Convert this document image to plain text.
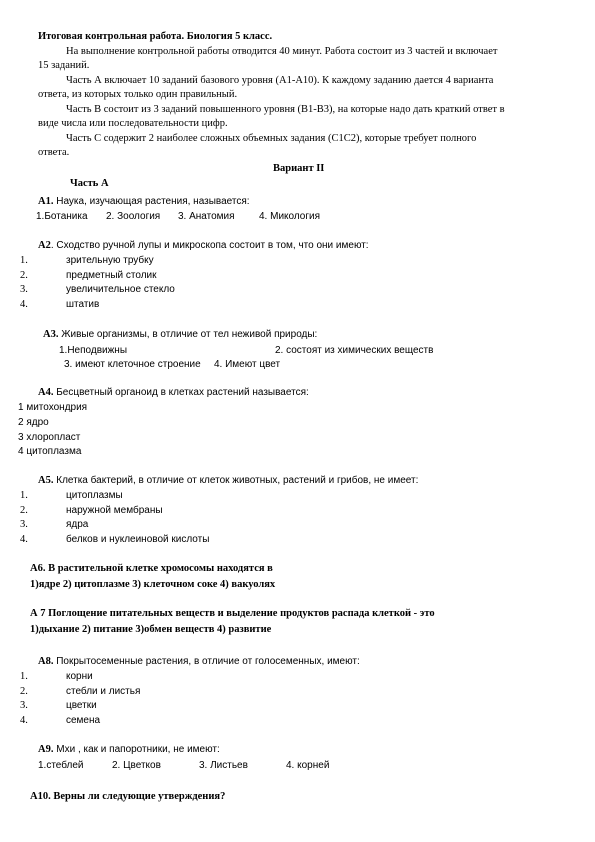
Итоговая контрольная работа. Биология 5 класс.
На выполнение контрольной работы отводится 40 минут. Работа состоит из 3 частей и включает
15 заданий.
Часть А включает 10 заданий базового уровня (А1-А10). К каждому заданию дается 4 варианта
ответа, из которых только один правильный.
Часть В состоит из 3 заданий повышенного уровня (В1-В3), на которые надо дать краткий ответ в
виде числа или последовательности цифр.
Часть С содержит 2 наиболее сложных объемных задания (С1С2), которые требует полного
ответа.
Вариант II
Часть А
А1. Наука, изучающая растения, называется:
1.Ботаника 2. Зоология 3. Анатомия 4. Микология
А2. Сходство ручной лупы и микроскопа состоит в том, что они имеют:
1.	зрительную трубку
2.	предметный столик
3.	увеличительное стекло
4.	штатив
А3. Живые организмы, в отличие от тел неживой природы:
1.Неподвижны	2. состоят из химических веществ
3. имеют клеточное строение 4. Имеют цвет
А4. Бесцветный органоид в клетках растений называется:
1 митохондрия
2 ядро
3 хлоропласт
4 цитоплазма
А5. Клетка бактерий, в отличие от клеток животных, растений и грибов, не имеет:
1.	цитоплазмы
2.	наружной мембраны
3.	ядра
4.	белков и нуклеиновой кислоты
А6. В растительной клетке хромосомы находятся в
1)ядре 2) цитоплазме 3) клеточном соке 4) вакуолях
А 7 Поглощение питательных веществ и выделение продуктов распада клеткой - это
1)дыхание 2) питание 3)обмен веществ 4) развитие
А8. Покрытосеменные растения, в отличие от голосеменных, имеют:
1.	корни
2.	стебли и листья
3.	цветки
4.	семена
А9. Мхи , как и папоротники, не имеют:
1.стеблей	2. Цветков	3. Листьев	4. корней
А10. Верны ли следующие утверждения?
